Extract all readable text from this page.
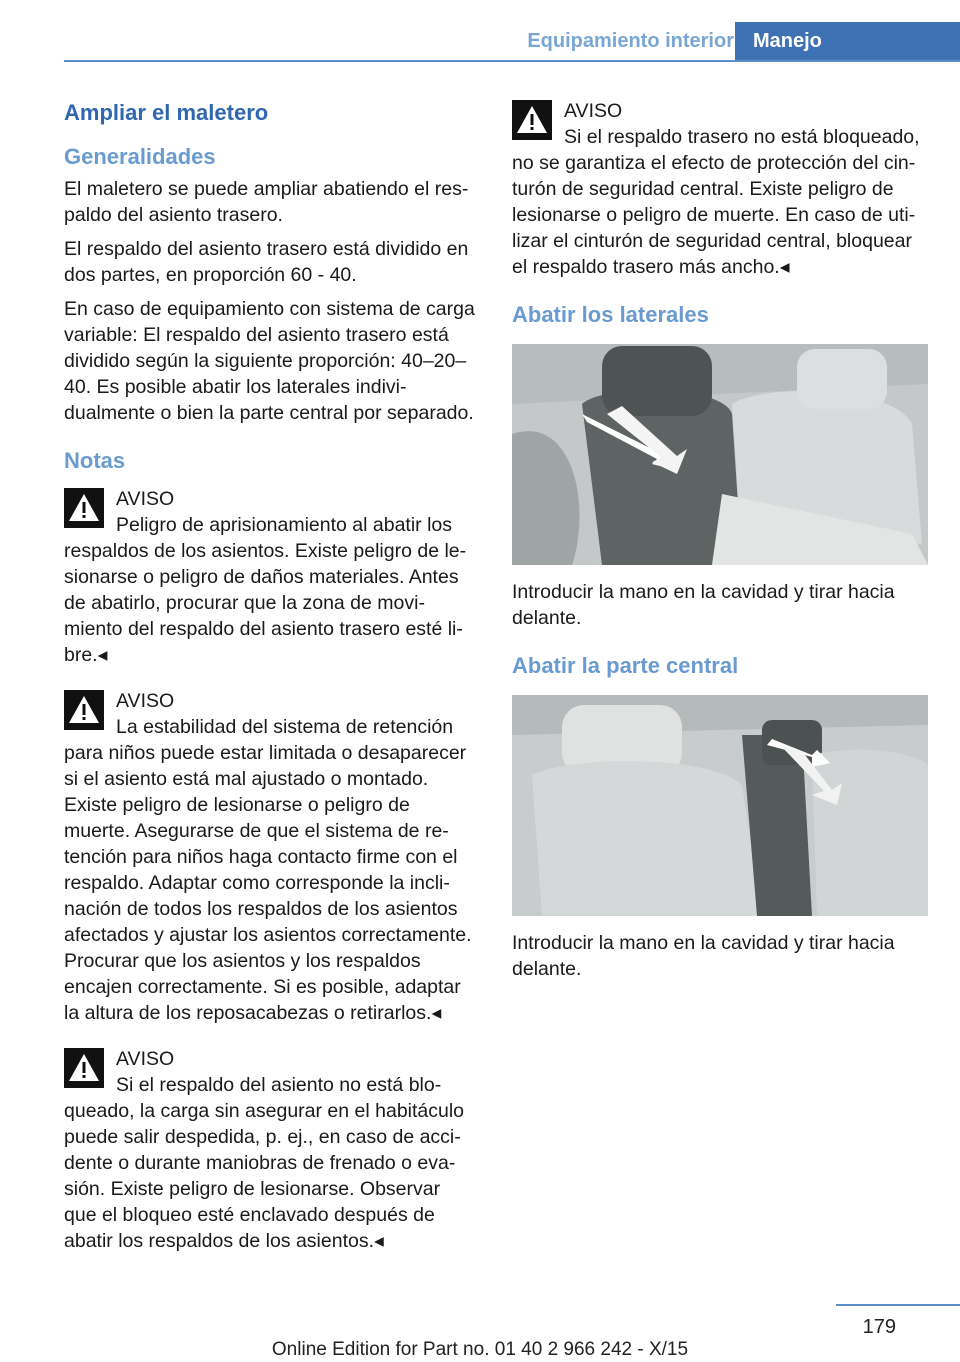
Equipamiento interior Manejo
Ampliar el maletero
Generalidades

El maletero se puede ampliar abatiendo el respaldo del asiento trasero.

El respaldo del asiento trasero está dividido en dos partes, en proporción 60 - 40.

En caso de equipamiento con sistema de carga variable: El respaldo del asiento trasero está dividido según la siguiente proporción: 40–20–40. Es posible abatir los laterales individualmente o bien la parte central por separado.

Notas

AVISO

Peligro de aprisionamiento al abatir los respaldos de los asientos. Existe peligro de lesionarse o peligro de daños materiales. Antes de abatirlo, procurar que la zona de movimiento del respaldo del asiento trasero esté libre.◂

AVISO

La estabilidad del sistema de retención para niños puede estar limitada o desaparecer si el asiento está mal ajustado o montado. Existe peligro de lesionarse o peligro de muerte. Asegurarse de que el sistema de retención para niños haga contacto firme con el respaldo. Adaptar como corresponde la inclinación de todos los respaldos de los asientos afectados y ajustar los asientos correctamente. Procurar que los asientos y los respaldos encajen correctamente. Si es posible, adaptar la altura de los reposacabezas o retirarlos.◂

AVISO

Si el respaldo del asiento no está bloqueado, la carga sin asegurar en el habitáculo puede salir despedida, p. ej., en caso de accidente o durante maniobras de frenado o evasión. Existe peligro de lesionarse. Observar que el bloqueo esté enclavado después de abatir los respaldos de los asientos.◂

AVISO

Si el respaldo trasero no está bloqueado, no se garantiza el efecto de protección del cinturón de seguridad central. Existe peligro de lesionarse o peligro de muerte. En caso de utilizar el cinturón de seguridad central, bloquear el respaldo trasero más ancho.◂

Abatir los laterales

Introducir la mano en la cavidad y tirar hacia delante.

Abatir la parte central

Introducir la mano en la cavidad y tirar hacia delante.

179
Online Edition for Part no. 01 40 2 966 242 - X/15
